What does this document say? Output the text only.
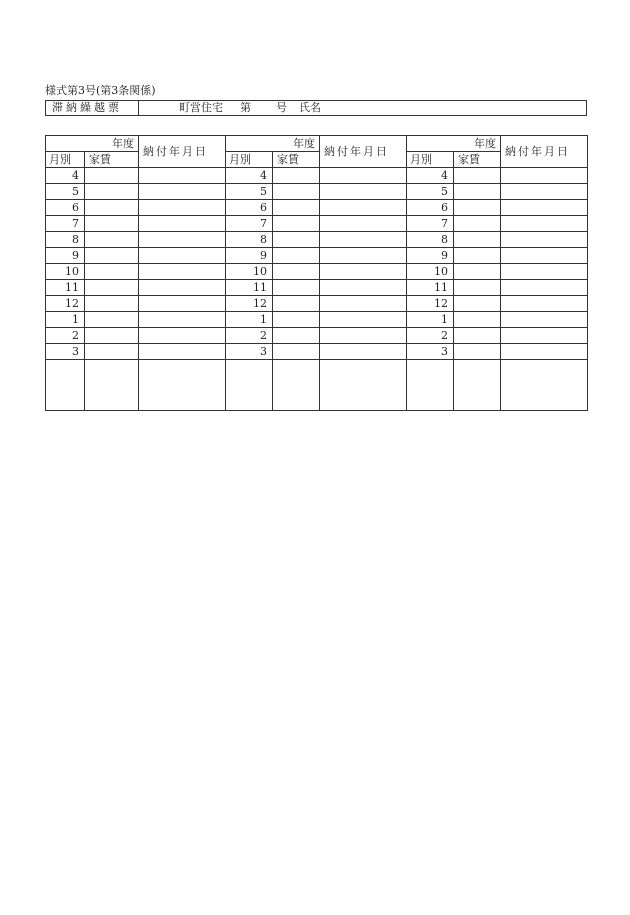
様式第3号(第3条関係)
滞納繰越票	町営住宅 第 号 氏名
年度		納付年月日	年度		納付年月日	年度		納付年月日
月別	家賃		月別	家賃		月別	家賃	
4			4			4		
5			5			5		
6			6			6		
7			7			7		
8			8			8		
9			9			9		
10			10			10		
11			11			11		
12			12			12		
1			1			1		
2			2			2		
3			3			3		
